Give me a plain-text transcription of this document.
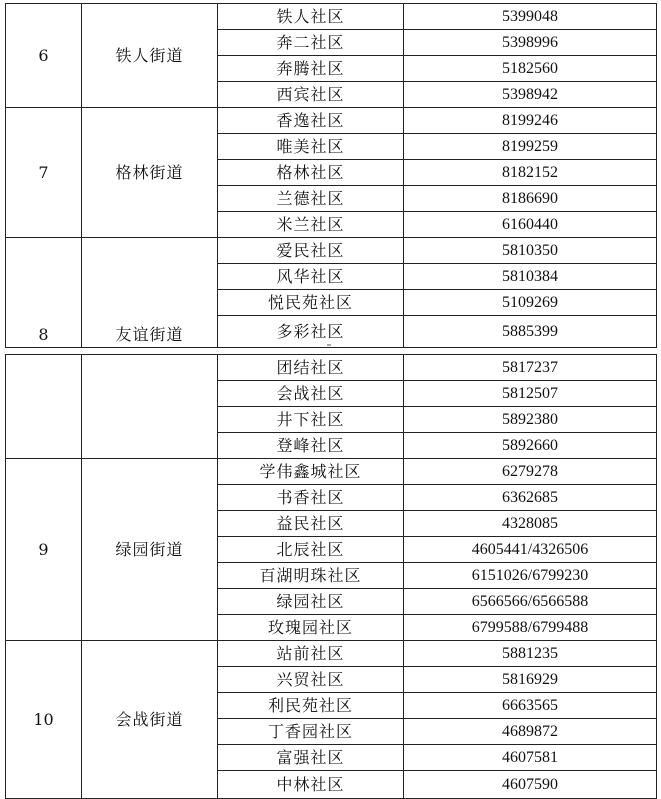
6	铁人街道	铁人社区	5399048
		奔二社区	5398996
		奔腾社区	5182560
		西宾社区	5398942
7	格林街道	香逸社区	8199246
		唯美社区	8199259
		格林社区	8182152
		兰德社区	8186690
		米兰社区	6160440
8	友谊街道	爱民社区	5810350
		风华社区	5810384
		悦民苑社区	5109269
		多彩社区	5885399
		团结社区	5817237
		会战社区	5812507
		井下社区	5892380
		登峰社区	5892660
9	绿园街道	学伟鑫城社区	6279278
		书香社区	6362685
		益民社区	4328085
		北辰社区	4605441/4326506
		百湖明珠社区	6151026/6799230
		绿园社区	6566566/6566588
		玫瑰园社区	6799588/6799488
10	会战街道	站前社区	5881235
		兴贸社区	5816929
		利民苑社区	6663565
		丁香园社区	4689872
		富强社区	4607581
		中林社区	4607590
